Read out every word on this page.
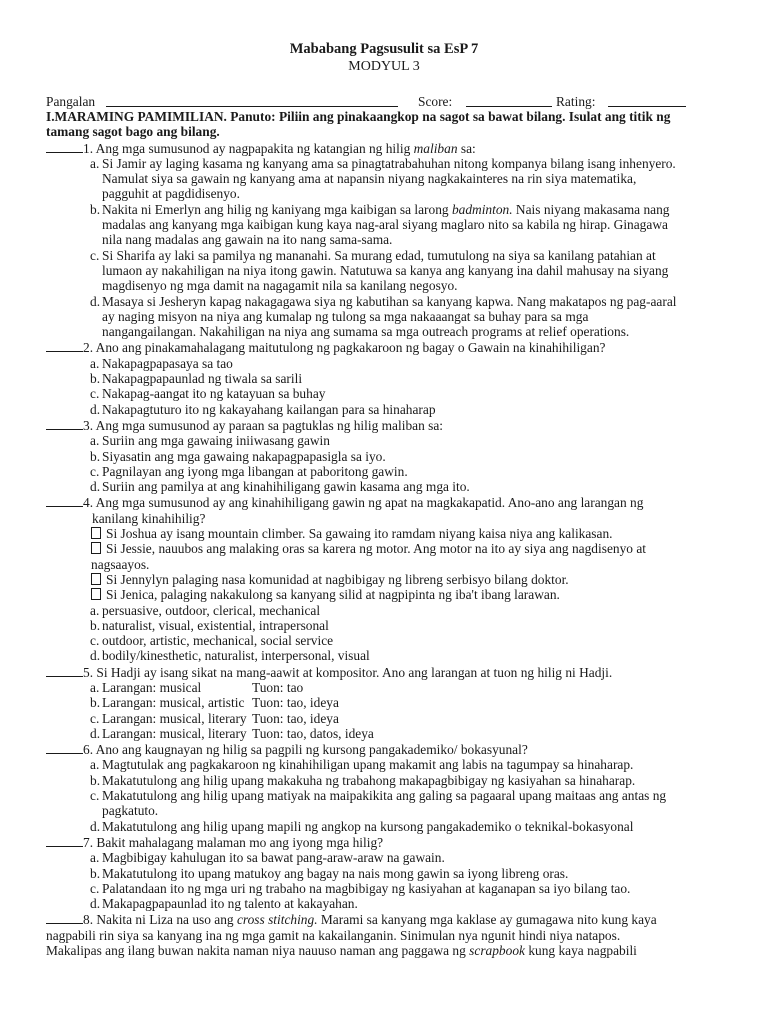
Mababang Pagsusulit sa EsP 7
MODYUL 3
Pangalan	Score:	Rating:
I.MARAMING PAMIMILIAN. Panuto: Piliin ang pinakaangkop na sagot sa bawat bilang. Isulat ang titik ng
tamang sagot bago ang bilang.
1. Ang mga sumusunod ay nagpapakita ng katangian ng hilig maliban sa:
a. Si Jamir ay laging kasama ng kanyang ama sa pinagtatrabahuhan nitong kompanya bilang isang inhenyero.
Namulat siya sa gawain ng kanyang ama at napansin niyang nagkakainteres na rin siya matematika,
pagguhit at pagdidisenyo.
b. Nakita ni Emerlyn ang hilig ng kaniyang mga kaibigan sa larong badminton. Nais niyang makasama nang
madalas ang kanyang mga kaibigan kung kaya nag-aral siyang maglaro nito sa kabila ng hirap. Ginagawa
nila nang madalas ang gawain na ito nang sama-sama.
c. Si Sharifa ay laki sa pamilya ng mananahi. Sa murang edad, tumutulong na siya sa kanilang patahian at
lumaon ay nakahiligan na niya itong gawin. Natutuwa sa kanya ang kanyang ina dahil mahusay na siyang
magdisenyo ng mga damit na nagagamit nila sa kanilang negosyo.
d. Masaya si Jesheryn kapag nakagagawa siya ng kabutihan sa kanyang kapwa. Nang makatapos ng pag-aaral
ay naging misyon na niya ang kumalap ng tulong sa mga nakaaangat sa buhay para sa mga
nangangailangan. Nakahiligan na niya ang sumama sa mga outreach programs at relief operations.
2. Ano ang pinakamahalagang maitutulong ng pagkakaroon ng bagay o Gawain na kinahihiligan?
a. Nakapagpapasaya sa tao
b. Nakapagpapaunlad ng tiwala sa sarili
c. Nakapag-aangat ito ng katayuan sa buhay
d. Nakapagtuturo ito ng kakayahang kailangan para sa hinaharap
3. Ang mga sumusunod ay paraan sa pagtuklas ng hilig maliban sa:
a. Suriin ang mga gawaing iniiwasang gawin
b. Siyasatin ang mga gawaing nakapagpapasigla sa iyo.
c. Pagnilayan ang iyong mga libangan at paboritong gawin.
d. Suriin ang pamilya at ang kinahihiligang gawin kasama ang mga ito.
4. Ang mga sumusunod ay ang kinahihiligang gawin ng apat na magkakapatid. Ano-ano ang larangan ng
kanilang kinahihilig?
Si Joshua ay isang mountain climber. Sa gawaing ito ramdam niyang kaisa niya ang kalikasan.
Si Jessie, nauubos ang malaking oras sa karera ng motor. Ang motor na ito ay siya ang nagdisenyo at
nagsaayos.
Si Jennylyn palaging nasa komunidad at nagbibigay ng libreng serbisyo bilang doktor.
Si Jenica, palaging nakakulong sa kanyang silid at nagpipinta ng iba't ibang larawan.
a. persuasive, outdoor, clerical, mechanical
b. naturalist, visual, existential, intrapersonal
c. outdoor, artistic, mechanical, social service
d. bodily/kinesthetic, naturalist, interpersonal, visual
5. Si Hadji ay isang sikat na mang-aawit at kompositor. Ano ang larangan at tuon ng hilig ni Hadji.
a. Larangan: musical	Tuon: tao
b. Larangan: musical, artistic Tuon: tao, ideya
c. Larangan: musical, literary Tuon: tao, ideya
d. Larangan: musical, literary Tuon: tao, datos, ideya
6. Ano ang kaugnayan ng hilig sa pagpili ng kursong pangakademiko/ bokasyunal?
a. Magtutulak ang pagkakaroon ng kinahihiligan upang makamit ang labis na tagumpay sa hinaharap.
b. Makatutulong ang hilig upang makakuha ng trabahong makapagbibigay ng kasiyahan sa hinaharap.
c. Makatutulong ang hilig upang matiyak na maipakikita ang galing sa pagaaral upang maitaas ang antas ng
pagkatuto.
d. Makatutulong ang hilig upang mapili ng angkop na kursong pangakademiko o teknikal-bokasyonal
7. Bakit mahalagang malaman mo ang iyong mga hilig?
a. Magbibigay kahulugan ito sa bawat pang-araw-araw na gawain.
b. Makatutulong ito upang matukoy ang bagay na nais mong gawin sa iyong libreng oras.
c. Palatandaan ito ng mga uri ng trabaho na magbibigay ng kasiyahan at kaganapan sa iyo bilang tao.
d. Makapagpapaunlad ito ng talento at kakayahan.
8. Nakita ni Liza na uso ang cross stitching. Marami sa kanyang mga kaklase ay gumagawa nito kung kaya
nagpabili rin siya sa kanyang ina ng mga gamit na kakailanganin. Sinimulan nya ngunit hindi niya natapos.
Makalipas ang ilang buwan nakita naman niya nauuso naman ang paggawa ng scrapbook kung kaya nagpabili
